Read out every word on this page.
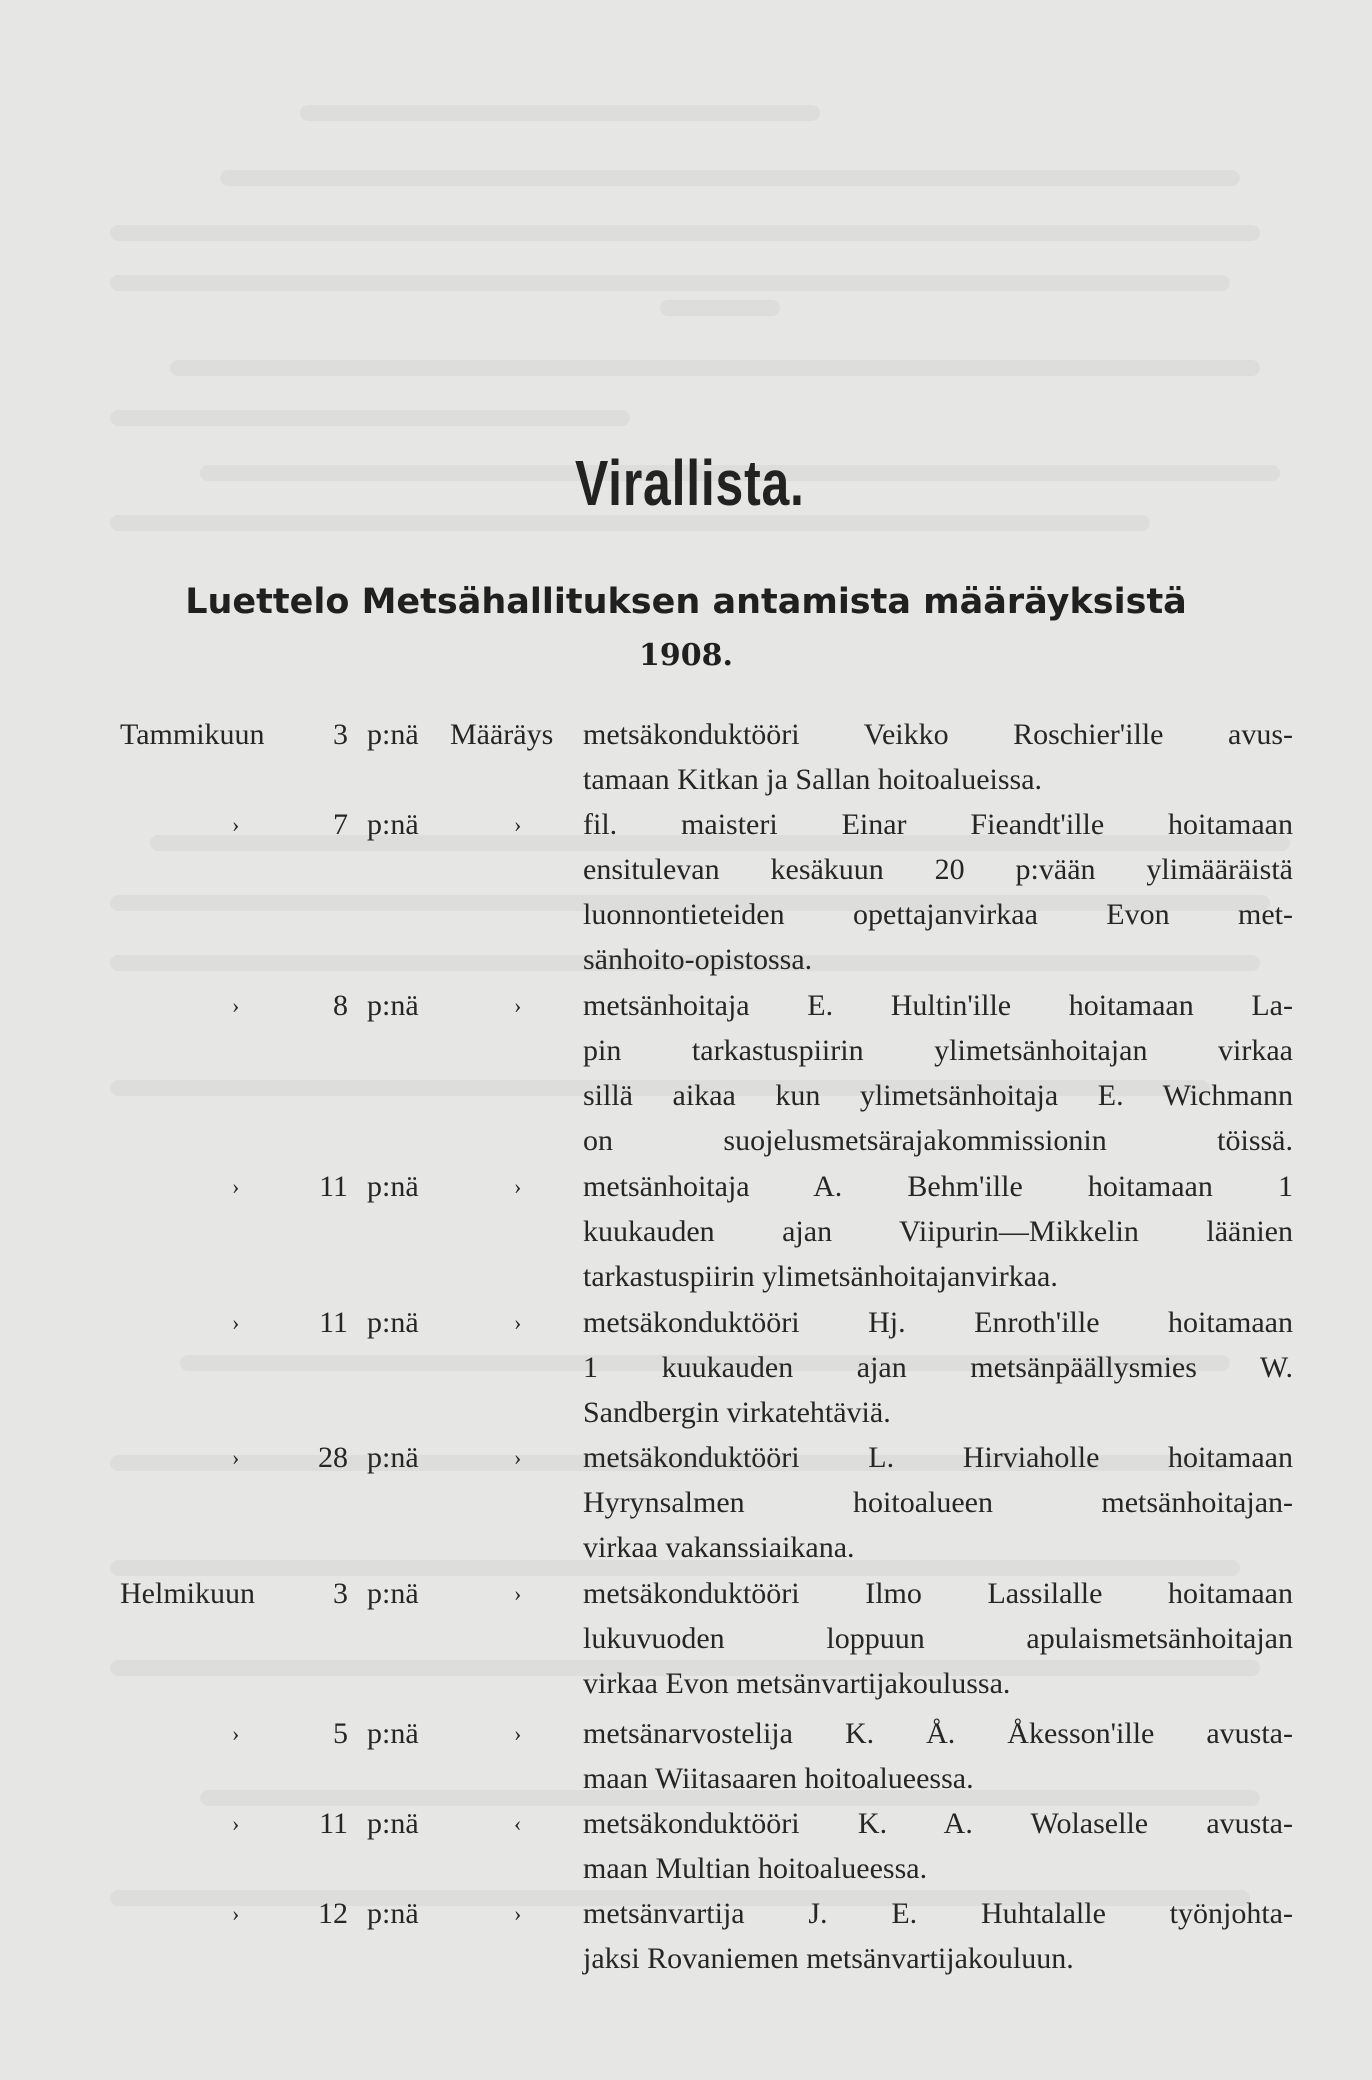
Virallista.
Luettelo Metsähallituksen antamista määräyksistä
1908.
Tammikuun	3 p:nä Määräys metsäkonduktööri Veikko Roschier'ille avus-
tamaan Kitkan ja Sallan hoitoalueissa.
›	7 p:nä	› fil. maisteri Einar Fieandt'ille hoitamaan
ensitulevan kesäkuun 20 p:vään ylimääräistä
luonnontieteiden opettajanvirkaa Evon met-
sänhoito-opistossa.
›	8 p:nä	› metsänhoitaja E. Hultin'ille hoitamaan La-
pin tarkastuspiirin ylimetsänhoitajan virkaa
sillä aikaa kun ylimetsänhoitaja E. Wichmann
on suojelusmetsärajakommissionin töissä.
›	11 p:nä	› metsänhoitaja A. Behm'ille hoitamaan 1
kuukauden ajan Viipurin—Mikkelin läänien
tarkastuspiirin ylimetsänhoitajanvirkaa.
›	11 p:nä	› metsäkonduktööri Hj. Enroth'ille hoitamaan
1 kuukauden ajan metsänpäällysmies W.
Sandbergin virkatehtäviä.
›	28 p:nä	› metsäkonduktööri L. Hirviaholle hoitamaan
Hyrynsalmen hoitoalueen metsänhoitajan-
virkaa vakanssiaikana.
Helmikuun	3 p:nä	› metsäkonduktööri Ilmo Lassilalle hoitamaan
lukuvuoden loppuun apulaismetsänhoitajan
virkaa Evon metsänvartijakoulussa.
›	5 p:nä	› metsänarvostelija K. Å. Åkesson'ille avusta-
maan Wiitasaaren hoitoalueessa.
›	11 p:nä	‹ metsäkonduktööri K. A. Wolaselle avusta-
maan Multian hoitoalueessa.
›	12 p:nä	› metsänvartija J. E. Huhtalalle työnjohta-
jaksi Rovaniemen metsänvartijakouluun.
